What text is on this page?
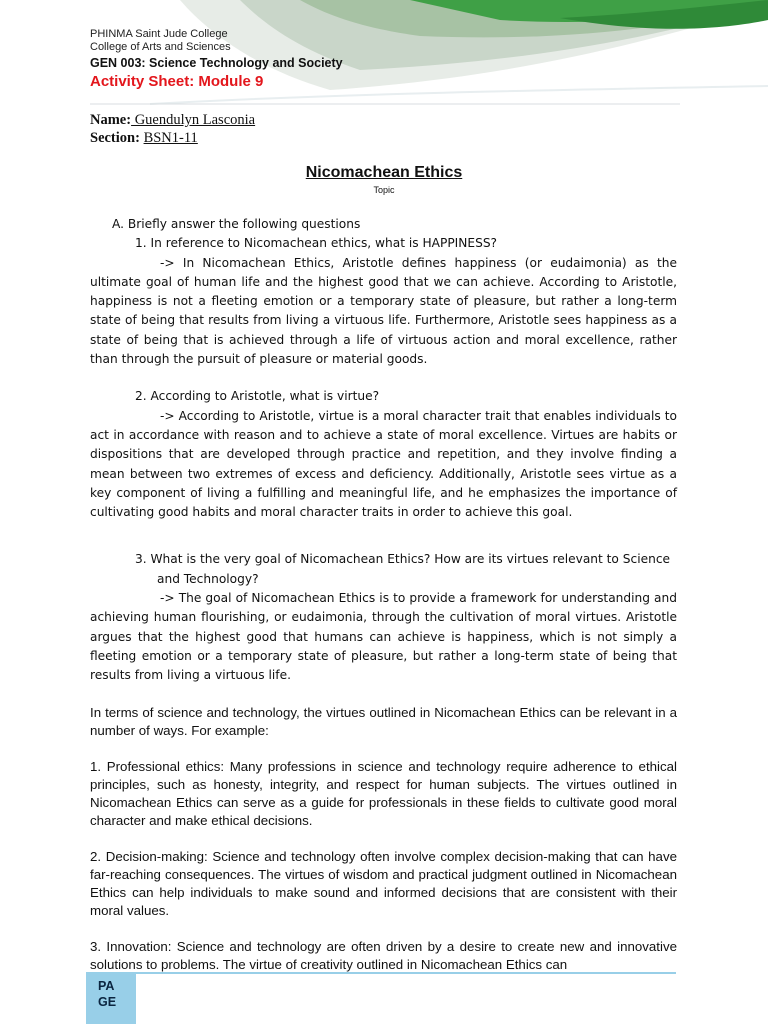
PHINMA Saint Jude College
College of Arts and Sciences
GEN 003: Science Technology and Society
Activity Sheet: Module 9
Name: Guendulyn Lasconia
Section: BSN1-11
Nicomachean Ethics
Topic

A. Briefly answer the following questions

1. In reference to Nicomachean ethics, what is HAPPINESS?

-> In Nicomachean Ethics, Aristotle defines happiness (or eudaimonia) as the ultimate goal of human life and the highest good that we can achieve. According to Aristotle, happiness is not a fleeting emotion or a temporary state of pleasure, but rather a long-term state of being that results from living a virtuous life. Furthermore, Aristotle sees happiness as a state of being that is achieved through a life of virtuous action and moral excellence, rather than through the pursuit of pleasure or material goods.

2. According to Aristotle, what is virtue?

-> According to Aristotle, virtue is a moral character trait that enables individuals to act in accordance with reason and to achieve a state of moral excellence. Virtues are habits or dispositions that are developed through practice and repetition, and they involve finding a mean between two extremes of excess and deficiency. Additionally, Aristotle sees virtue as a key component of living a fulfilling and meaningful life, and he emphasizes the importance of cultivating good habits and moral character traits in order to achieve this goal.

3. What is the very goal of Nicomachean Ethics? How are its virtues relevant to Science and Technology?

-> The goal of Nicomachean Ethics is to provide a framework for understanding and achieving human flourishing, or eudaimonia, through the cultivation of moral virtues. Aristotle argues that the highest good that humans can achieve is happiness, which is not simply a fleeting emotion or a temporary state of pleasure, but rather a long-term state of being that results from living a virtuous life.

In terms of science and technology, the virtues outlined in Nicomachean Ethics can be relevant in a number of ways. For example:

1. Professional ethics: Many professions in science and technology require adherence to ethical principles, such as honesty, integrity, and respect for human subjects. The virtues outlined in Nicomachean Ethics can serve as a guide for professionals in these fields to cultivate good moral character and make ethical decisions.

2. Decision-making: Science and technology often involve complex decision-making that can have far-reaching consequences. The virtues of wisdom and practical judgment outlined in Nicomachean Ethics can help individuals to make sound and informed decisions that are consistent with their moral values.

3. Innovation: Science and technology are often driven by a desire to create new and innovative solutions to problems. The virtue of creativity outlined in Nicomachean Ethics can

PA
GE
